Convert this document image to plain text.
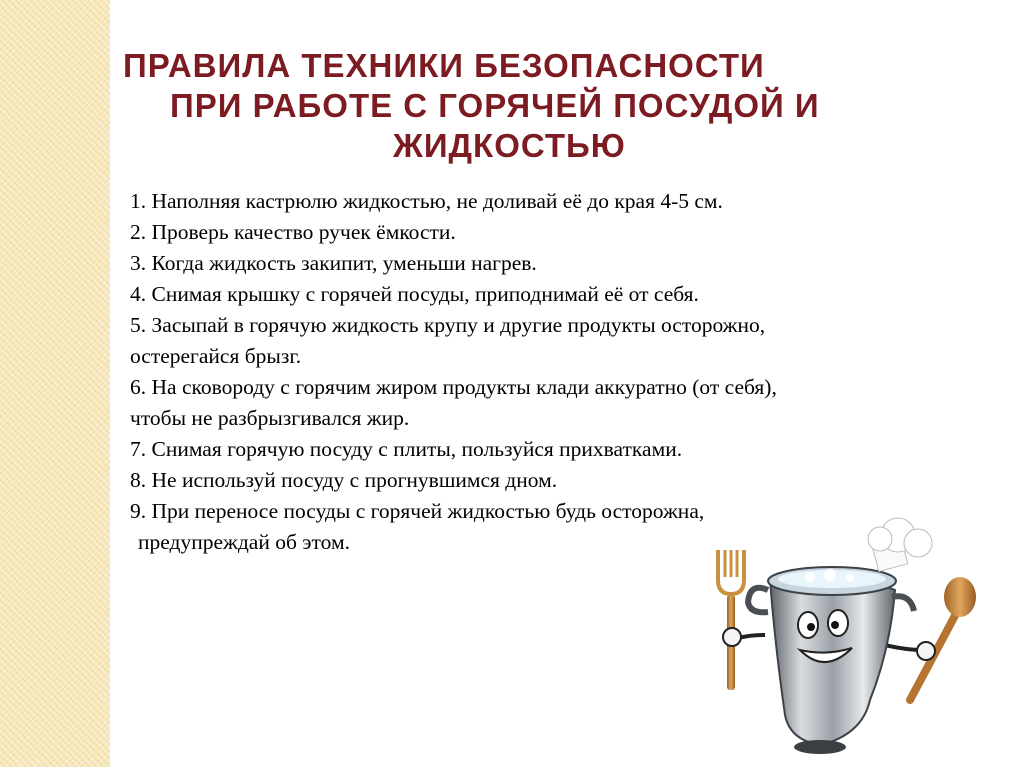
ПРАВИЛА ТЕХНИКИ БЕЗОПАСНОСТИ
ПРИ РАБОТЕ С ГОРЯЧЕЙ ПОСУДОЙ И
ЖИДКОСТЬЮ
1. Наполняя кастрюлю жидкостью, не доливай её до края 4-5 см.
2. Проверь качество ручек ёмкости.
3. Когда жидкость закипит, уменьши нагрев.
4. Снимая крышку с горячей посуды, приподнимай её от себя.
5. Засыпай в горячую жидкость крупу и другие продукты осторожно,
остерегайся брызг.
6. На сковороду с горячим жиром продукты клади аккуратно (от себя),
чтобы не разбрызгивался жир.
7. Снимая горячую посуду с плиты, пользуйся прихватками.
8. Не используй посуду с прогнувшимся дном.
9. При переносе посуды с горячей жидкостью будь осторожна,
предупреждай об этом.
